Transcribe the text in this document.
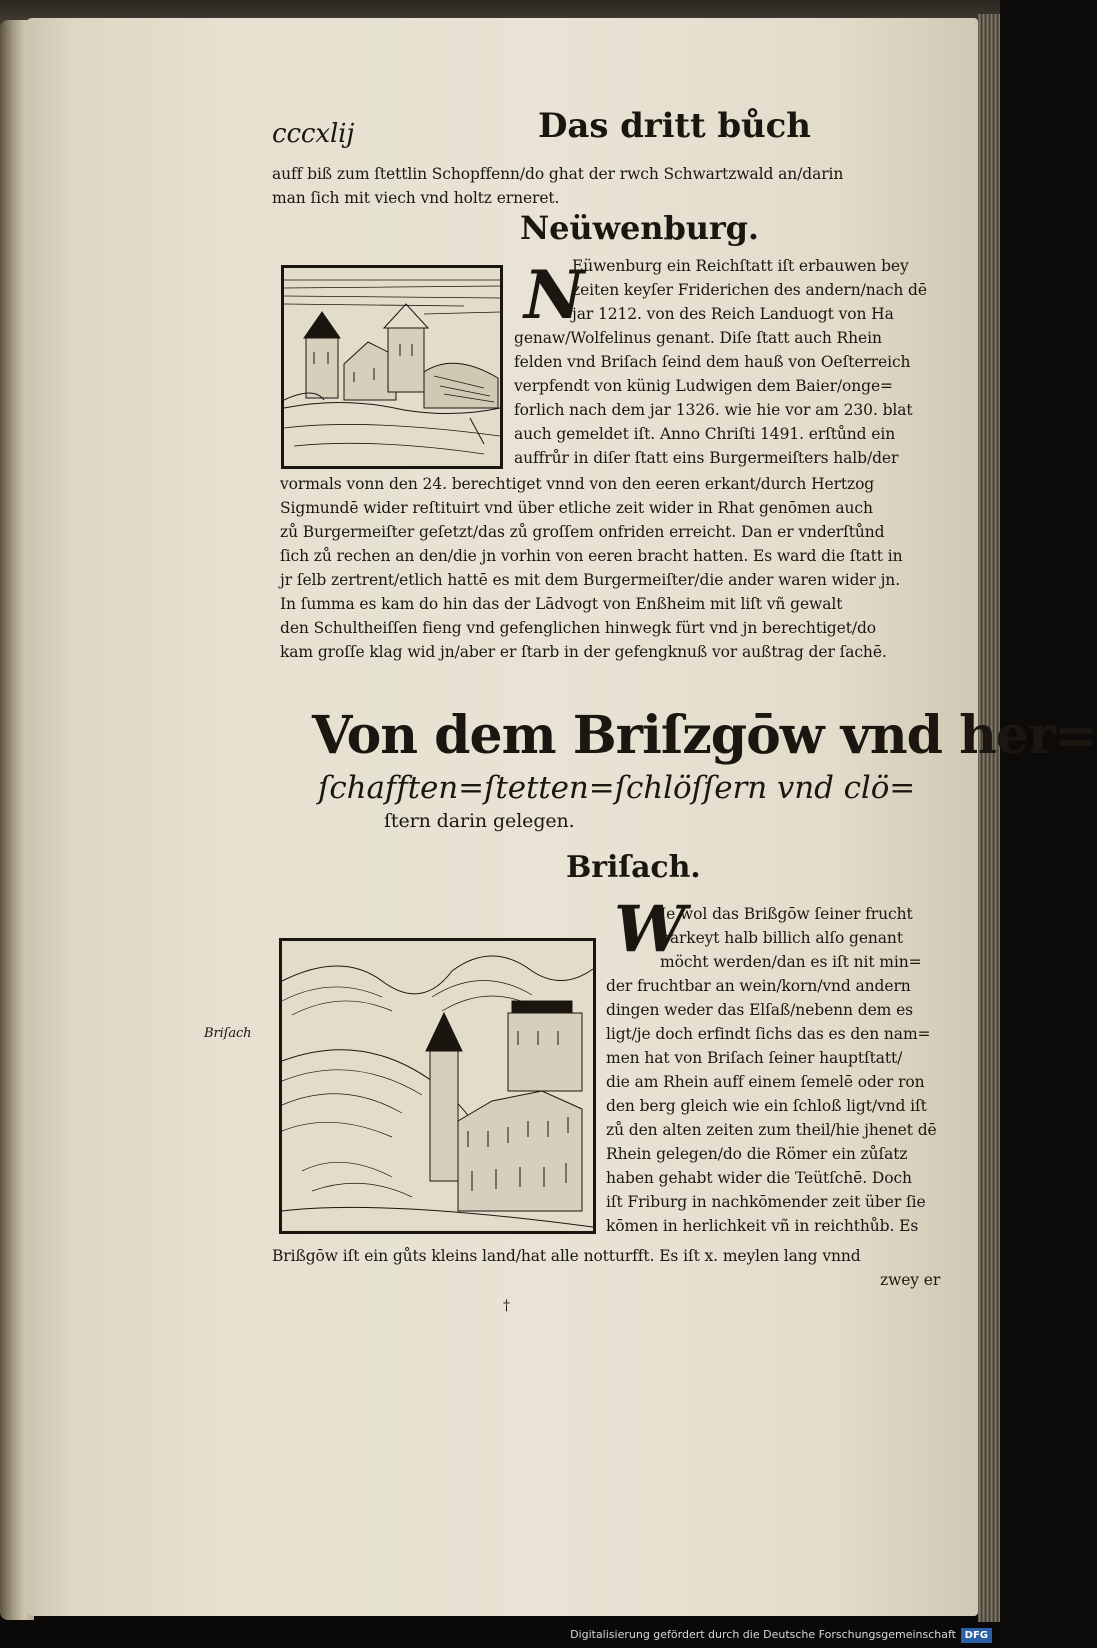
cccxlij	Das dritt bůch
auff biß zum ſtettlin Schopffenn/do ghat der rwch Schwartzwald an/darin
man ſich mit viech vnd holtz erneret.
Neüwenburg.
N
Eüwenburg ein Reichſtatt iſt erbauwen bey
zeiten keyſer Friderichen des andern/nach dē
jar 1212. von des Reich Landuogt von Ha
genaw/Wolfelinus genant. Diſe ſtatt auch Rhein
felden vnd Briſach ſeind dem hauß von Oeſterreich
verpfendt von künig Ludwigen dem Baier/onge=
forlich nach dem jar 1326. wie hie vor am 230. blat
auch gemeldet iſt. Anno Chriſti 1491. erſtůnd ein
auffrůr in diſer ſtatt eins Burgermeiſters halb/der
vormals vonn den 24. berechtiget vnnd von den eeren erkant/durch Hertzog
Sigmundē wider reſtituirt vnd über etliche zeit wider in Rhat genōmen auch
zů Burgermeiſter geſetzt/das zů groſſem onfriden erreicht. Dan er vnderſtůnd
ſich zů rechen an den/die jn vorhin von eeren bracht hatten. Es ward die ſtatt in
jr ſelb zertrent/etlich hattē es mit dem Burgermeiſter/die ander waren wider jn.
In ſumma es kam do hin das der Lādvogt von Enßheim mit liſt vñ gewalt
den Schultheiſſen fieng vnd gefenglichen hinwegk fürt vnd jn berechtiget/do
kam groſſe klag wid jn/aber er ſtarb in der gefengknuß vor außtrag der ſachē.
Von dem Briſzgōw vnd her=
ſchafften=ſtetten=ſchlöſſern vnd clö=
ſtern darin gelegen.
Briſach.
Briſach
W
Je wol das Brißgōw ſeiner frucht
barkeyt halb billich alſo genant
möcht werden/dan es iſt nit min=
der fruchtbar an wein/korn/vnd andern
dingen weder das Elſaß/nebenn dem es
ligt/je doch erfindt ſichs das es den nam=
men hat von Briſach ſeiner hauptſtatt/
die am Rhein auff einem ſemelē oder ron
den berg gleich wie ein ſchloß ligt/vnd iſt
zů den alten zeiten zum theil/hie jhenet dē
Rhein gelegen/do die Römer ein zůſatz
haben gehabt wider die Teütſchē. Doch
iſt Friburg in nachkōmender zeit über ſie
kōmen in herlichkeit vñ in reichthůb. Es
Brißgōw iſt ein gůts kleins land/hat alle notturfft. Es iſt x. meylen lang vnnd
zwey er
†
Digitalisierung gefördert durch die Deutsche Forschungsgemeinschaft DFG
